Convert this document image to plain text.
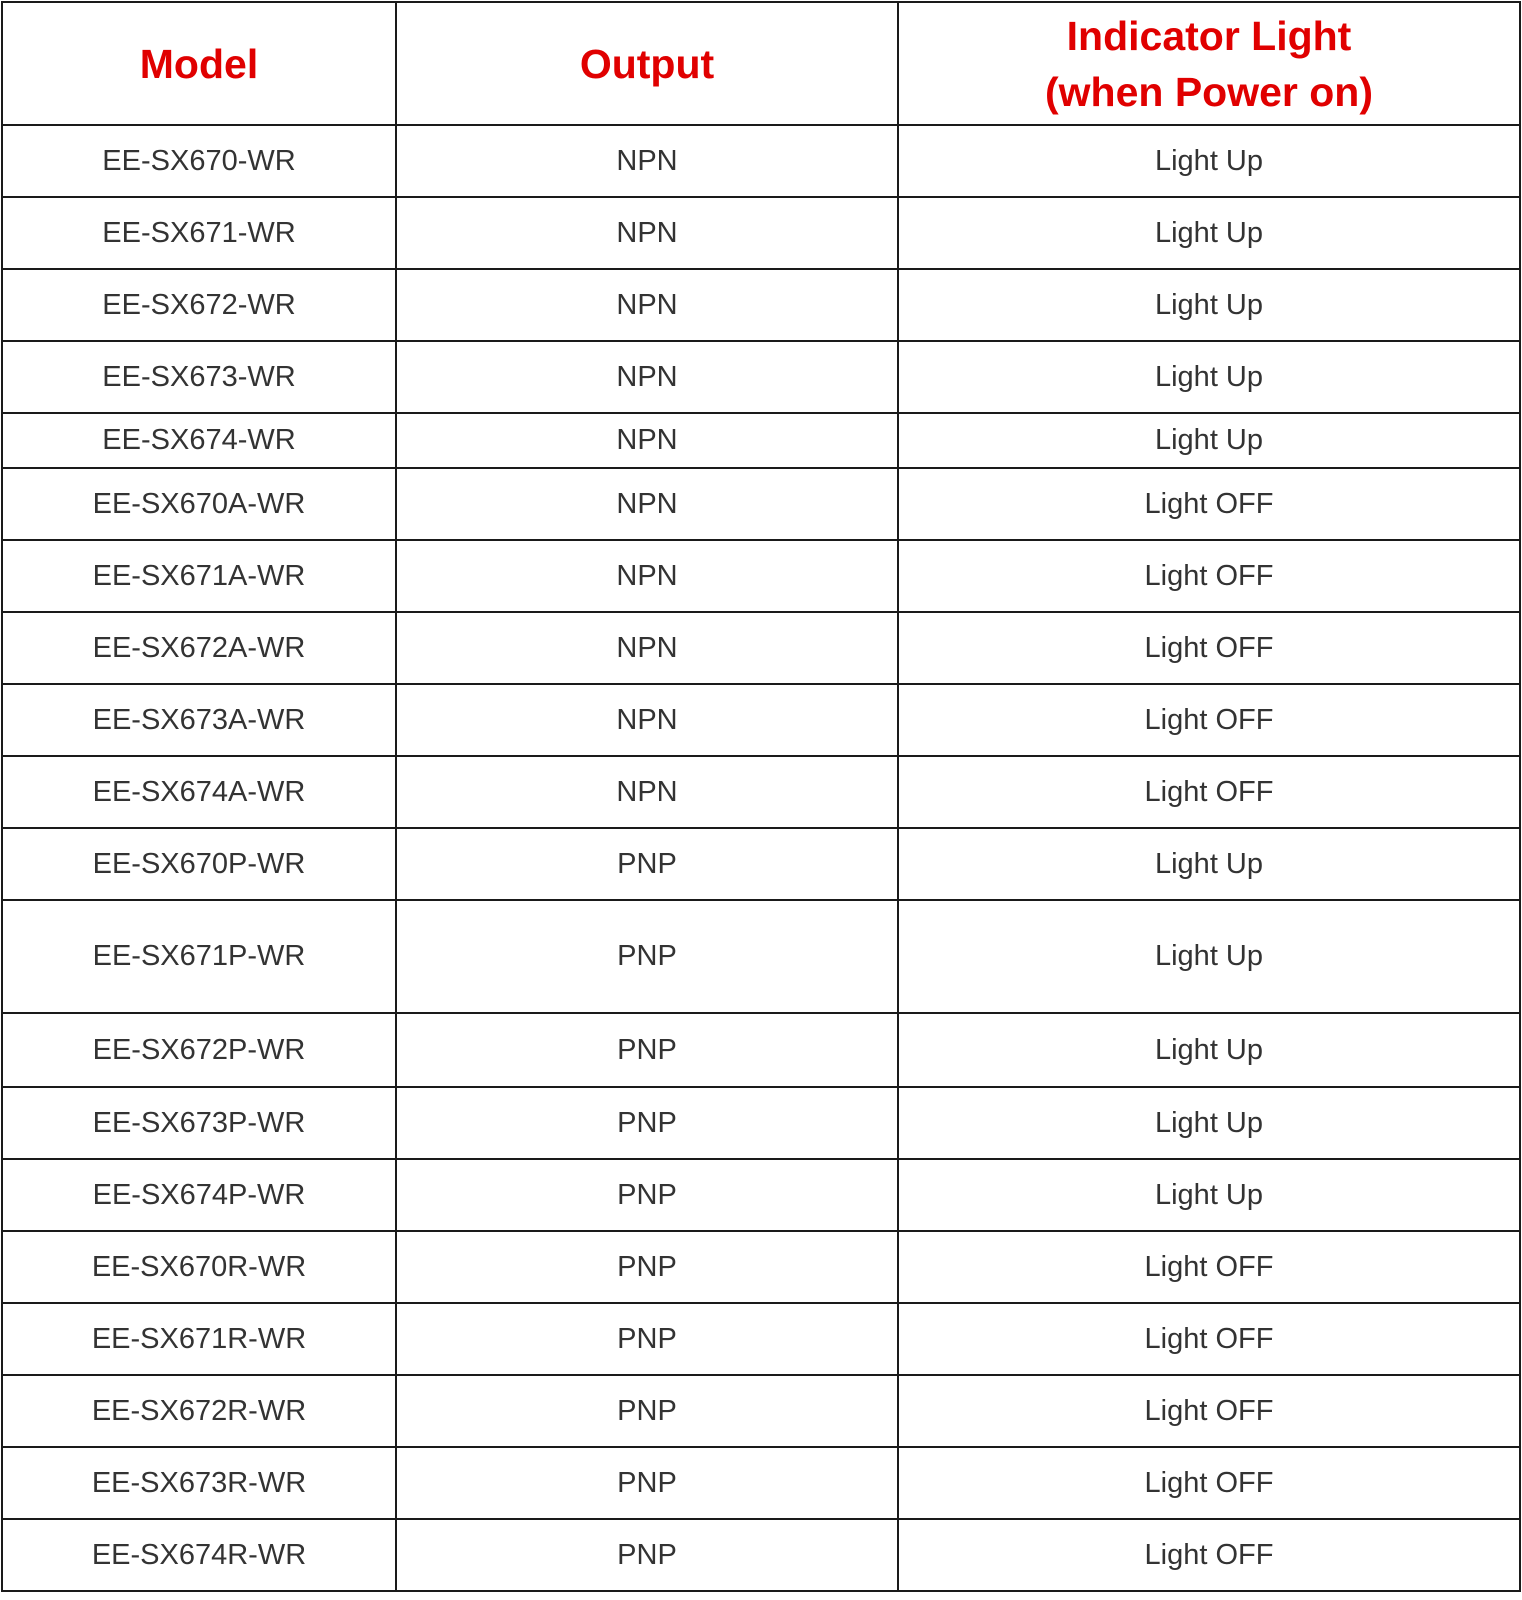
Model	Output	Indicator Light
(when Power on)

EE-SX670-WR	NPN	Light Up
EE-SX671-WR	NPN	Light Up
EE-SX672-WR	NPN	Light Up
EE-SX673-WR	NPN	Light Up
EE-SX674-WR	NPN	Light Up
EE-SX670A-WR	NPN	Light OFF
EE-SX671A-WR	NPN	Light OFF
EE-SX672A-WR	NPN	Light OFF
EE-SX673A-WR	NPN	Light OFF
EE-SX674A-WR	NPN	Light OFF
EE-SX670P-WR	PNP	Light Up
EE-SX671P-WR	PNP	Light Up
EE-SX672P-WR	PNP	Light Up
EE-SX673P-WR	PNP	Light Up
EE-SX674P-WR	PNP	Light Up
EE-SX670R-WR	PNP	Light OFF
EE-SX671R-WR	PNP	Light OFF
EE-SX672R-WR	PNP	Light OFF
EE-SX673R-WR	PNP	Light OFF
EE-SX674R-WR	PNP	Light OFF
